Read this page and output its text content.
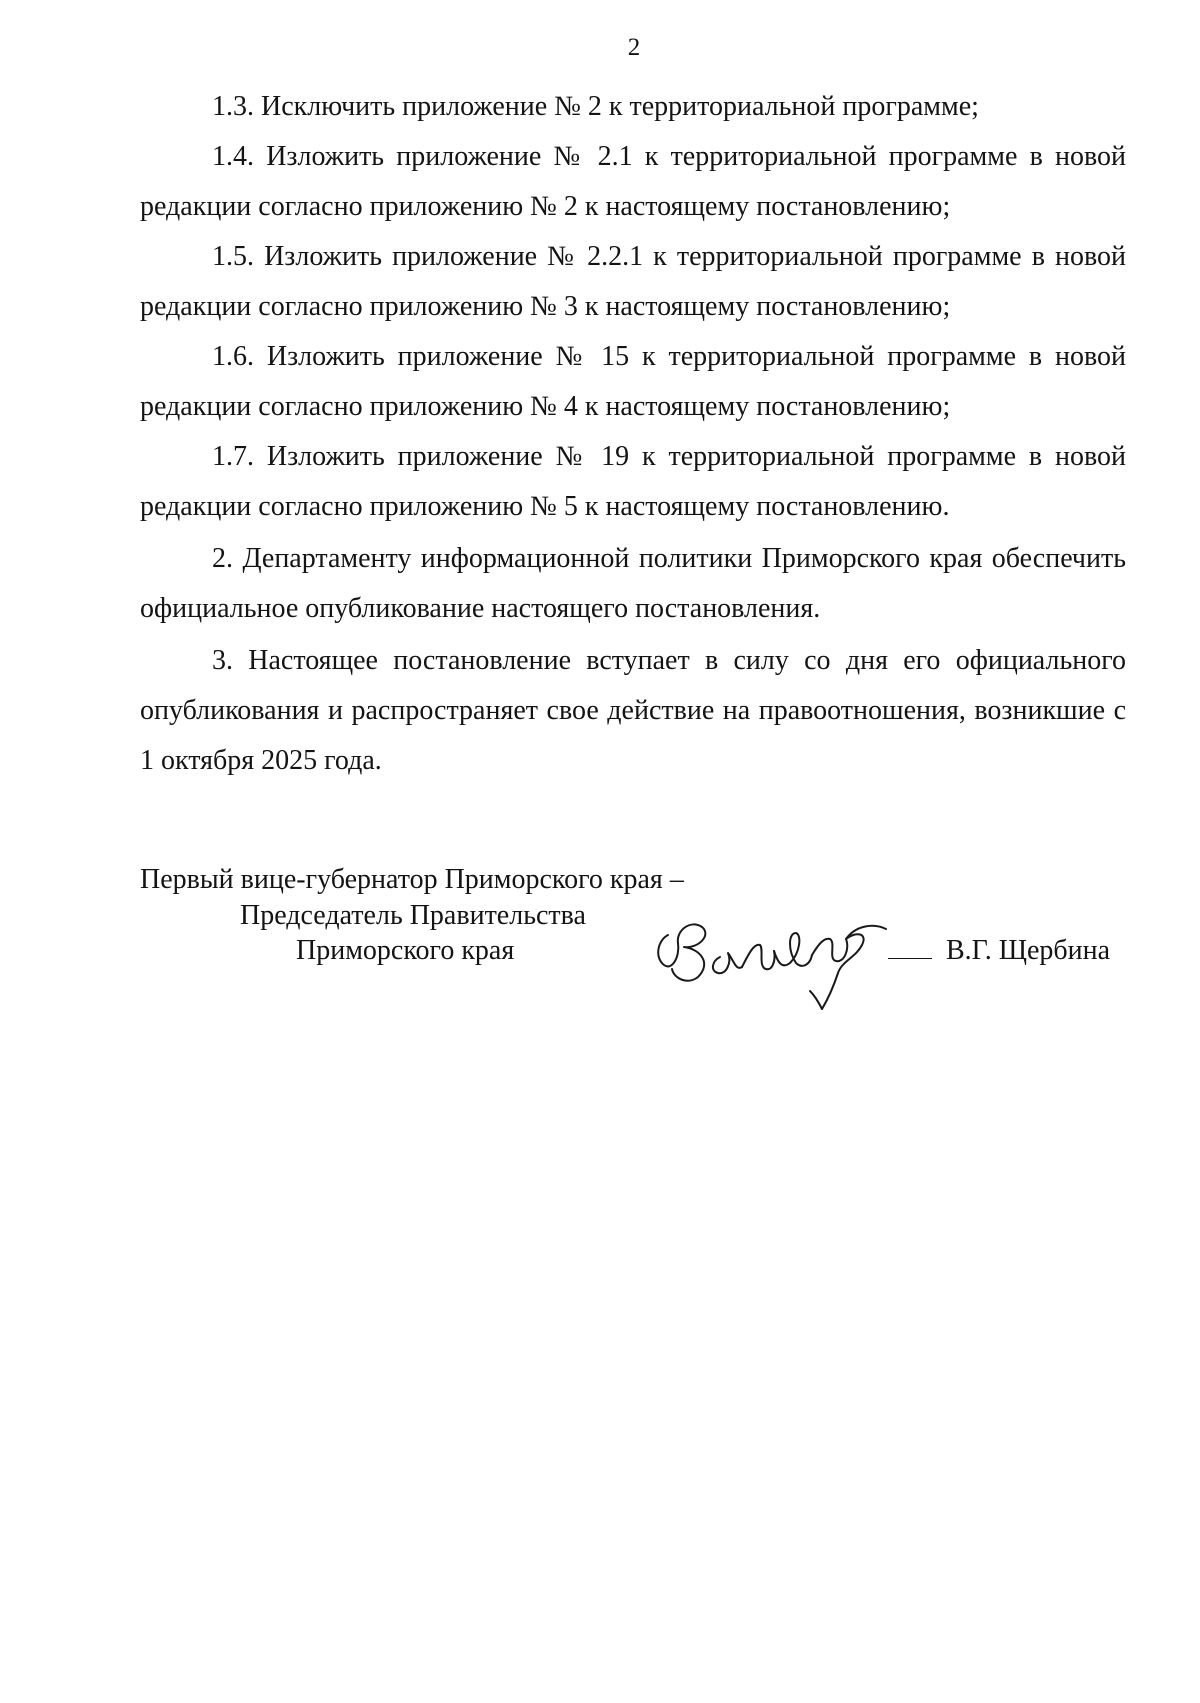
2

1.3. Исключить приложение № 2 к территориальной программе;

1.4. Изложить приложение № 2.1 к территориальной программе в новой редакции согласно приложению № 2 к настоящему постановлению;

1.5. Изложить приложение № 2.2.1 к территориальной программе в новой редакции согласно приложению № 3 к настоящему постановлению;

1.6. Изложить приложение № 15 к территориальной программе в новой редакции согласно приложению № 4 к настоящему постановлению;

1.7. Изложить приложение № 19 к территориальной программе в новой редакции согласно приложению № 5 к настоящему постановлению.

2. Департаменту информационной политики Приморского края обеспечить официальное опубликование настоящего постановления.

3. Настоящее постановление вступает в силу со дня его официального опубликования и распространяет свое действие на правоотношения, возникшие с 1 октября 2025 года.

Первый вице-губернатор Приморского края –
Председатель Правительства
Приморского края	В.Г. Щербина
